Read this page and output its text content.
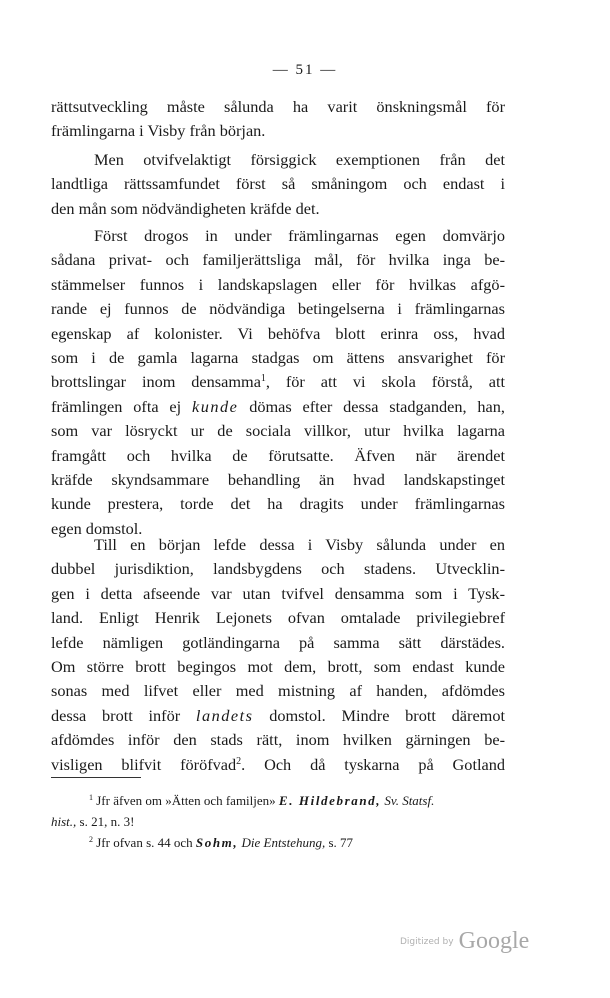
— 51 —
rättsutveckling måste sålunda ha varit önskningsmål för
främlingarna i Visby från början.
Men otvifvelaktigt försiggick exemptionen från det
landtliga rättssamfundet först så småningom och endast i
den mån som nödvändigheten kräfde det.
Först drogos in under främlingarnas egen domvärjo
sådana privat- och familjerättsliga mål, för hvilka inga be-
stämmelser funnos i landskapslagen eller för hvilkas afgö-
rande ej funnos de nödvändiga betingelserna i främlingarnas
egenskap af kolonister. Vi behöfva blott erinra oss, hvad
som i de gamla lagarna stadgas om ättens ansvarighet för
brottslingar inom densamma$^1$, för att vi skola förstå, att
främlingen ofta ej kunde dömas efter dessa stadganden, han,
som var lösryckt ur de sociala villkor, utur hvilka lagarna
framgått och hvilka de förutsatte. Äfven när ärendet
kräfde skyndsammare behandling än hvad landskapstinget
kunde prestera, torde det ha dragits under främlingarnas
egen domstol.
Till en början lefde dessa i Visby sålunda under en
dubbel jurisdiktion, landsbygdens och stadens. Utvecklin-
gen i detta afseende var utan tvifvel densamma som i Tysk-
land. Enligt Henrik Lejonets ofvan omtalade privilegiebref
lefde nämligen gotländingarna på samma sätt därstädes.
Om större brott begingos mot dem, brott, som endast kunde
sonas med lifvet eller med mistning af handen, afdömdes
dessa brott inför landets domstol. Mindre brott däremot
afdömdes inför den stads rätt, inom hvilken gärningen be-
visligen blifvit föröfvad$^2$. Och då tyskarna på Gotland
$^1$ Jfr äfven om »Ätten och familjen» E. Hildebrand, Sv. Statsf.
hist., s. 21, n. 3!
$^2$ Jfr ofvan s. 44 och Sohm, Die Entstehung, s. 77
$^{Digitized by}$ Google
